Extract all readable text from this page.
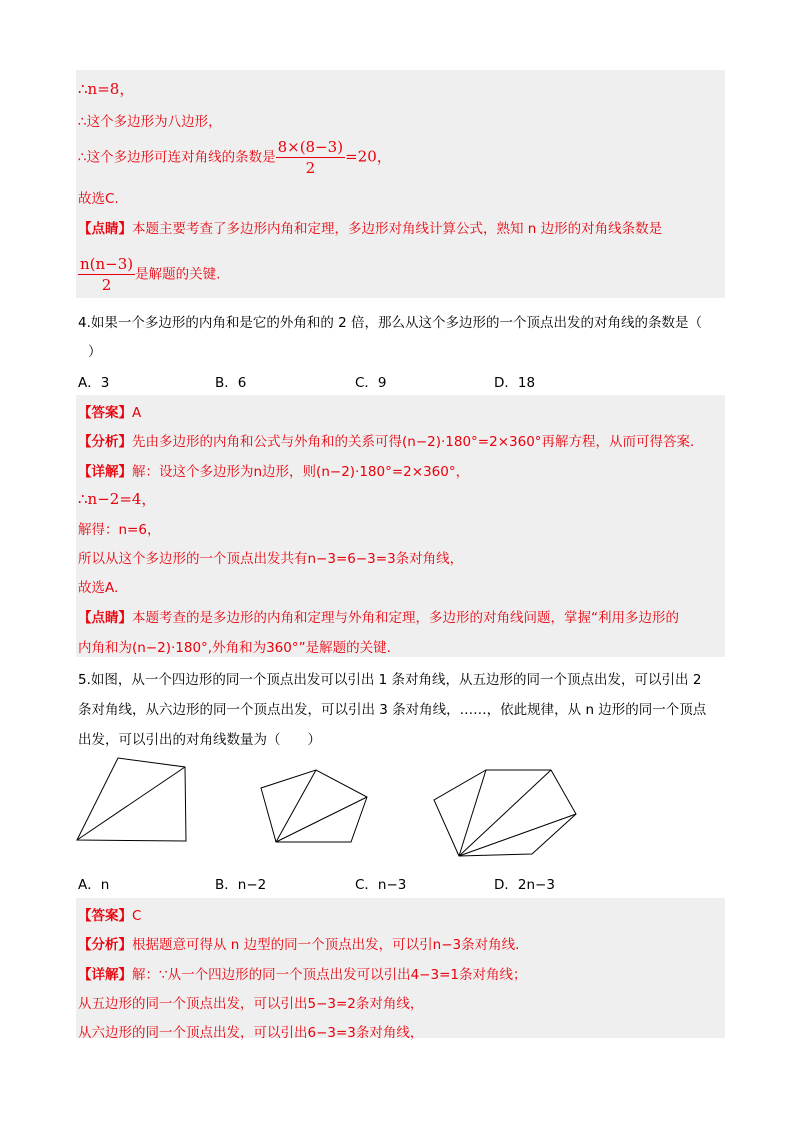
∴n=8，
∴这个多边形为八边形，
∴这个多边形可连对角线的条数是 $\frac{8\times(8-3)}{2} =20$，
故选C.
【点睛】本题主要考查了多边形内角和定理，多边形对角线计算公式，熟知 n 边形的对角线条数是
$\frac{n(n-3)}{2}$ 是解题的关键.
4.如果一个多边形的内角和是它的外角和的 2 倍，那么从这个多边形的一个顶点出发的对角线的条数是（
）
A．3	B．6	C．9	D．18
【答案】A
【分析】先由多边形的内角和公式与外角和的关系可得(n−2)·180°=2×360°再解方程，从而可得答案.
【详解】解：设这个多边形为n边形，则(n−2)·180°=2×360°，
∴n−2=4，
解得：n=6，
所以从这个多边形的一个顶点出发共有n−3=6−3=3条对角线，
故选A.
【点睛】本题考查的是多边形的内角和定理与外角和定理，多边形的对角线问题，掌握“利用多边形的
内角和为(n−2)·180°,外角和为360°”是解题的关键.
5.如图，从一个四边形的同一个顶点出发可以引出 1 条对角线，从五边形的同一个顶点出发，可以引出 2
条对角线，从六边形的同一个顶点出发，可以引出 3 条对角线，……，依此规律，从 n 边形的同一个顶点
出发，可以引出的对角线数量为（　　）
A．n	B．n−2	C．n−3	D．2n−3
【答案】C
【分析】根据题意可得从 n 边型的同一个顶点出发，可以引n−3条对角线.
【详解】解：∵从一个四边形的同一个顶点出发可以引出4−3=1条对角线；
从五边形的同一个顶点出发，可以引出5−3=2条对角线，
从六边形的同一个顶点出发，可以引出6−3=3条对角线，
